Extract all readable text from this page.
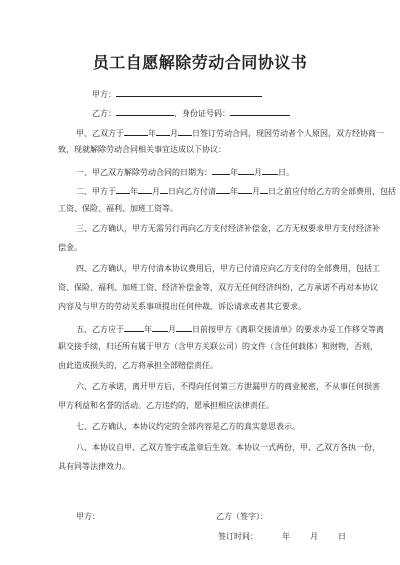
员工自愿解除劳动合同协议书
甲方：
乙方：	，身份证号码：
甲、乙双方于	年 月 日签订劳动合同，现因劳动者个人原因，双方经协商一
致，现就解除劳动合同相关事宜达成以下协议：
一、甲乙双方解除劳动合同的日期为： 年 月 日。
二、甲方于 年 月 日向乙方付清 年 月 日之前应付给乙方的全部费用，包括
工资、保险、福利、加班工资等。
三、乙方确认，甲方无需另行再向乙方支付经济补偿金，乙方无权要求甲方支付经济补
偿金。
四、乙方确认，甲方付清本协议费用后，甲方已付清应向乙方支付的全部费用，包括工
资、保险、福利、加班工资、经济补偿金等，双方无任何经济纠纷，乙方承诺不再对本协议
内容及与甲方的劳动关系事项提出任何仲裁、诉讼请求或者其它要求。
五、乙方应于	年 月 日前按甲方《离职交接清单》的要求办妥工作移交等离
职交接手续，归还所有属于甲方（含甲方关联公司）的文件（含任何载体）和财物，否则，
由此造成损失的，乙方将承担全部赔偿责任。
六、乙方承诺，离开甲方后，不得向任何第三方泄漏甲方的商业秘密，不从事任何损害
甲方利益和名誉的活动。乙方违约的，愿承担相应法律责任。
七、乙方确认，本协议约定的全部内容是乙方的真实意思表示。
八、本协议自甲、乙双方签字或盖章后生效。本协议一式两份，甲、乙双方各执一份，
具有同等法律效力。
甲方：	乙方（签字）：
签订时间：	年	月	日
